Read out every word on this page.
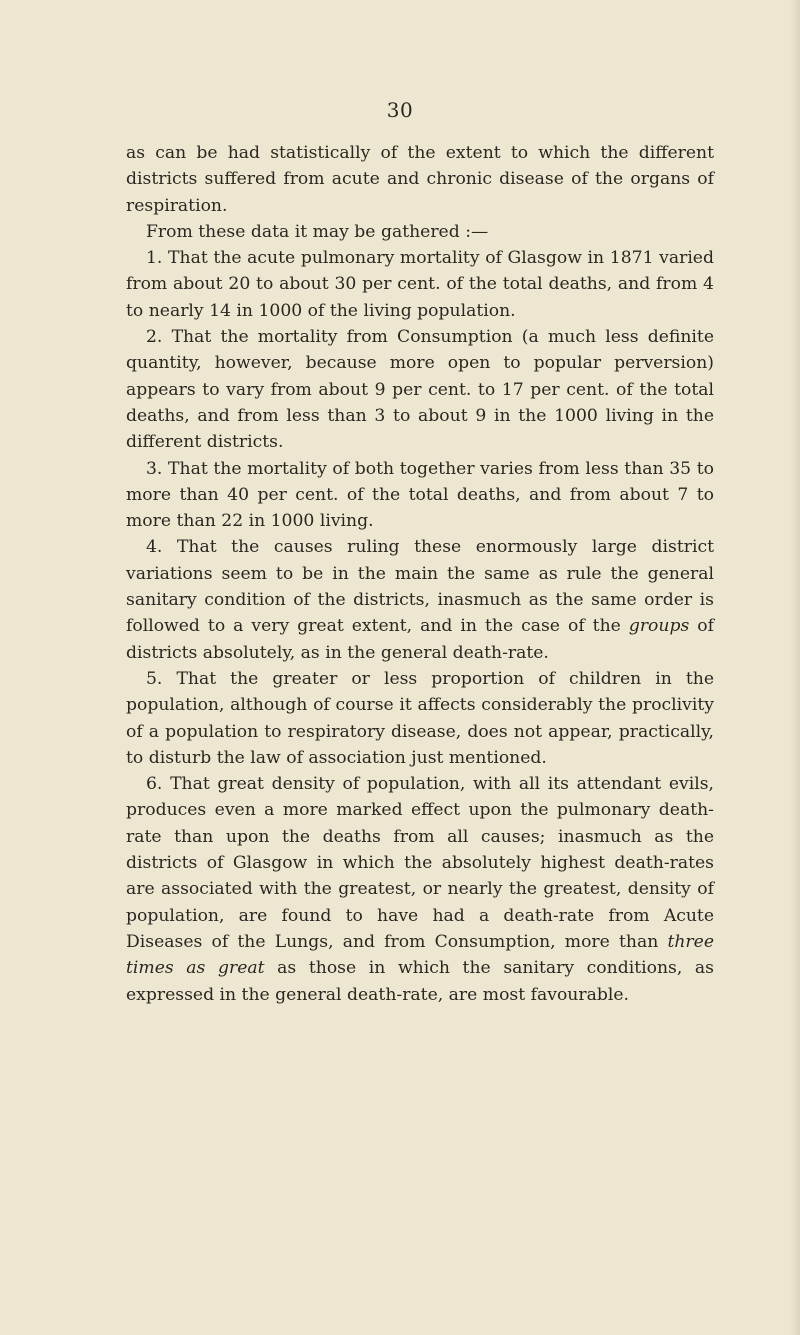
30

as can be had statistically of the extent to which the different districts suffered from acute and chronic disease of the organs of respiration.

From these data it may be gathered :—

1. That the acute pulmonary mortality of Glasgow in 1871 varied from about 20 to about 30 per cent. of the total deaths, and from 4 to nearly 14 in 1000 of the living population.

2. That the mortality from Consumption (a much less definite quantity, however, because more open to popular perversion) appears to vary from about 9 per cent. to 17 per cent. of the total deaths, and from less than 3 to about 9 in the 1000 living in the different districts.

3. That the mortality of both together varies from less than 35 to more than 40 per cent. of the total deaths, and from about 7 to more than 22 in 1000 living.

4. That the causes ruling these enormously large district variations seem to be in the main the same as rule the general sanitary condition of the districts, inasmuch as the same order is followed to a very great extent, and in the case of the groups of districts absolutely, as in the general death-rate.

5. That the greater or less proportion of children in the population, although of course it affects considerably the proclivity of a population to respiratory disease, does not appear, practically, to disturb the law of association just mentioned.

6. That great density of population, with all its attendant evils, produces even a more marked effect upon the pulmonary death-rate than upon the deaths from all causes; inasmuch as the districts of Glasgow in which the absolutely highest death-rates are associated with the greatest, or nearly the greatest, density of population, are found to have had a death-rate from Acute Diseases of the Lungs, and from Consumption, more than three times as great as those in which the sanitary conditions, as expressed in the general death-rate, are most favourable.
